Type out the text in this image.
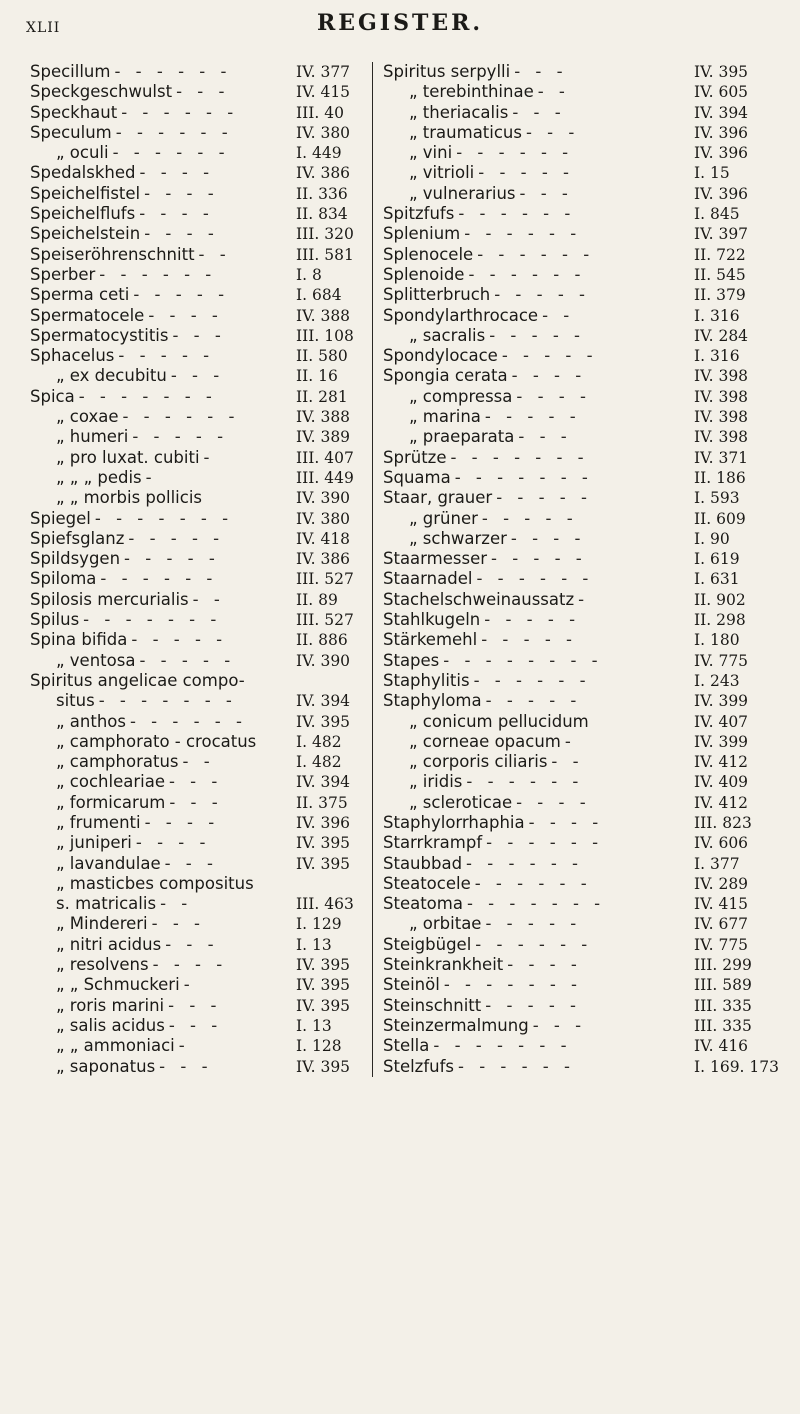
XLII	REGISTER.
Specillum - - - - - -	IV. 377
Speckgeschwulst - - -	IV. 415
Speckhaut - - - - - -	III. 40
Speculum - - - - - -	IV. 380
„ oculi - - - - - -	I. 449
Spedalskhed - - - -	IV. 386
Speichelfistel - - - -	II. 336
Speichelflufs - - - -	II. 834
Speichelstein - - - -	III. 320
Speiseröhrenschnitt - -	III. 581
Sperber - - - - - -	I. 8
Sperma ceti - - - - -	I. 684
Spermatocele - - - -	IV. 388
Spermatocystitis - - -	III. 108
Sphacelus - - - - -	II. 580
„ ex decubitu - - -	II. 16
Spica - - - - - - -	II. 281
„ coxae - - - - - -	IV. 388
„ humeri - - - - -	IV. 389
„ pro luxat. cubiti -	III. 407
„ „ „ pedis -	III. 449
„ „ morbis pollicis	IV. 390
Spiegel - - - - - - -	IV. 380
Spiefsglanz - - - - -	IV. 418
Spildsygen - - - - -	IV. 386
Spiloma - - - - - -	III. 527
Spilosis mercurialis - -	II. 89
Spilus - - - - - - -	III. 527
Spina bifida - - - - -	II. 886
„ ventosa - - - - -	IV. 390
Spiritus angelicae compo-
situs - - - - - - -	IV. 394
„ anthos - - - - - -	IV. 395
„ camphorato - crocatus	I. 482
„ camphoratus - -	I. 482
„ cochleariae - - -	IV. 394
„ formicarum - - -	II. 375
„ frumenti - - - -	IV. 396
„ juniperi - - - -	IV. 395
„ lavandulae - - -	IV. 395
„ masticbes compositus
s. matricalis - -	III. 463
„ Mindereri - - -	I. 129
„ nitri acidus - - -	I. 13
„ resolvens - - - -	IV. 395
„ „ Schmuckeri -	IV. 395
„ roris marini - - -	IV. 395
„ salis acidus - - -	I. 13
„ „ ammoniaci -	I. 128
„ saponatus - - -	IV. 395
Spiritus serpylli - - -	IV. 395
„ terebinthinae - -	IV. 605
„ theriacalis - - -	IV. 394
„ traumaticus - - -	IV. 396
„ vini - - - - - -	IV. 396
„ vitrioli - - - - -	I. 15
„ vulnerarius - - -	IV. 396
Spitzfufs - - - - - -	I. 845
Splenium - - - - - -	IV. 397
Splenocele - - - - - -	II. 722
Splenoide - - - - - -	II. 545
Splitterbruch - - - - -	II. 379
Spondylarthrocace - -	I. 316
„ sacralis - - - - -	IV. 284
Spondylocace - - - - -	I. 316
Spongia cerata - - - -	IV. 398
„ compressa - - - -	IV. 398
„ marina - - - - -	IV. 398
„ praeparata - - -	IV. 398
Sprütze - - - - - - -	IV. 371
Squama - - - - - - -	II. 186
Staar, grauer - - - - -	I. 593
„ grüner - - - - -	II. 609
„ schwarzer - - - -	I. 90
Staarmesser - - - - -	I. 619
Staarnadel - - - - - -	I. 631
Stachelschweinaussatz -	II. 902
Stahlkugeln - - - - -	II. 298
Stärkemehl - - - - -	I. 180
Stapes - - - - - - - -	IV. 775
Staphylitis - - - - - -	I. 243
Staphyloma - - - - -	IV. 399
„ conicum pellucidum	IV. 407
„ corneae opacum -	IV. 399
„ corporis ciliaris - -	IV. 412
„ iridis - - - - - -	IV. 409
„ scleroticae - - - -	IV. 412
Staphylorrhaphia - - - -	III. 823
Starrkrampf - - - - - -	IV. 606
Staubbad - - - - - -	I. 377
Steatocele - - - - - -	IV. 289
Steatoma - - - - - - -	IV. 415
„ orbitae - - - - -	IV. 677
Steigbügel - - - - - -	IV. 775
Steinkrankheit - - - -	III. 299
Steinöl - - - - - - -	III. 589
Steinschnitt - - - - -	III. 335
Steinzermalmung - - -	III. 335
Stella - - - - - - -	IV. 416
Stelzfufs - - - - - -	I. 169. 173
